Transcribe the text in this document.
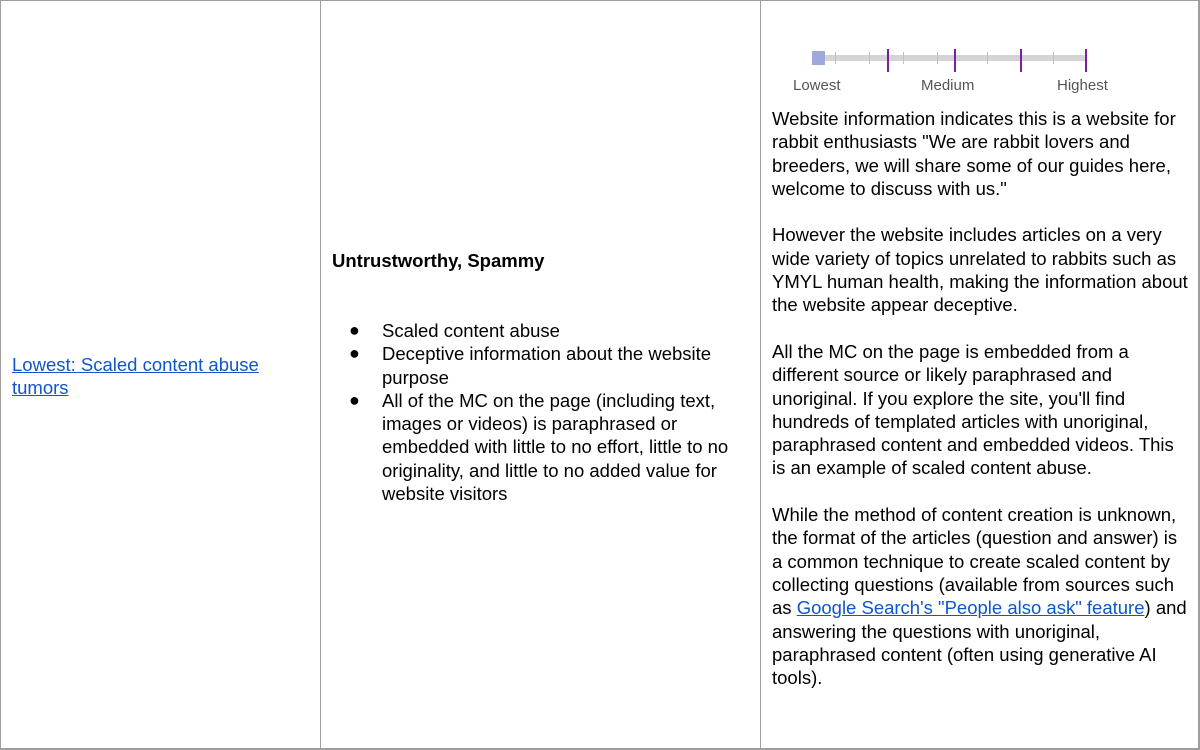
Lowest: Scaled content abuse tumors
Untrustworthy, Spammy
● Scaled content abuse
● Deceptive information about the website purpose
● All of the MC on the page (including text, images or videos) is paraphrased or embedded with little to no effort, little to no originality, and little to no added value for website visitors
Lowest	Medium	Highest

Website information indicates this is a website for rabbit enthusiasts "We are rabbit lovers and breeders, we will share some of our guides here, welcome to discuss with us."

However the website includes articles on a very wide variety of topics unrelated to rabbits such as YMYL human health, making the information about the website appear deceptive.

All the MC on the page is embedded from a different source or likely paraphrased and unoriginal. If you explore the site, you'll find hundreds of templated articles with unoriginal, paraphrased content and embedded videos. This is an example of scaled content abuse.

While the method of content creation is unknown, the format of the articles (question and answer) is a common technique to create scaled content by collecting questions (available from sources such as Google Search's "People also ask" feature) and answering the questions with unoriginal, paraphrased content (often using generative AI tools).
